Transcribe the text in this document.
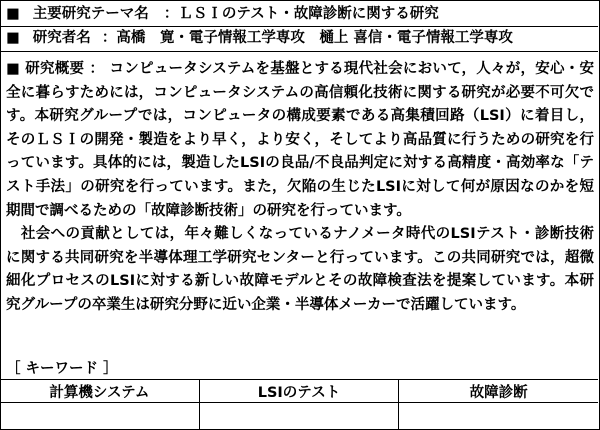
■ 主要研究テーマ名 ：ＬＳＩのテスト・故障診断に関する研究
■ 研究者名 ：高橋　寛・電子情報工学専攻　樋上 喜信・電子情報工学専攻

■ 研究概要 ： コンピュータシステムを基盤とする現代社会において，人々が，安心・安全に暮らすためには，コンピュータシステムの高信頼化技術に関する研究が必要不可欠です。本研究グループでは，コンピュータの構成要素である高集積回路（LSI）に着目し，そのＬＳＩの開発・製造をより早く，より安く，そしてより高品質に行うための研究を行っています。具体的には，製造したLSIの良品/不良品判定に対する高精度・高効率な「テスト手法」の研究を行っています。また，欠陥の生じたLSIに対して何が原因なのかを短期間で調べるための「故障診断技術」の研究を行っています。

　社会への貢献としては，年々難しくなっているナノメータ時代のLSIテスト・診断技術に関する共同研究を半導体理工学研究センターと行っています。この共同研究では，超微細化プロセスのLSIに対する新しい故障モデルとその故障検査法を提案しています。本研究グループの卒業生は研究分野に近い企業・半導体メーカーで活躍しています。

［ キーワード ］
計算機システム	LSIのテスト	故障診断
